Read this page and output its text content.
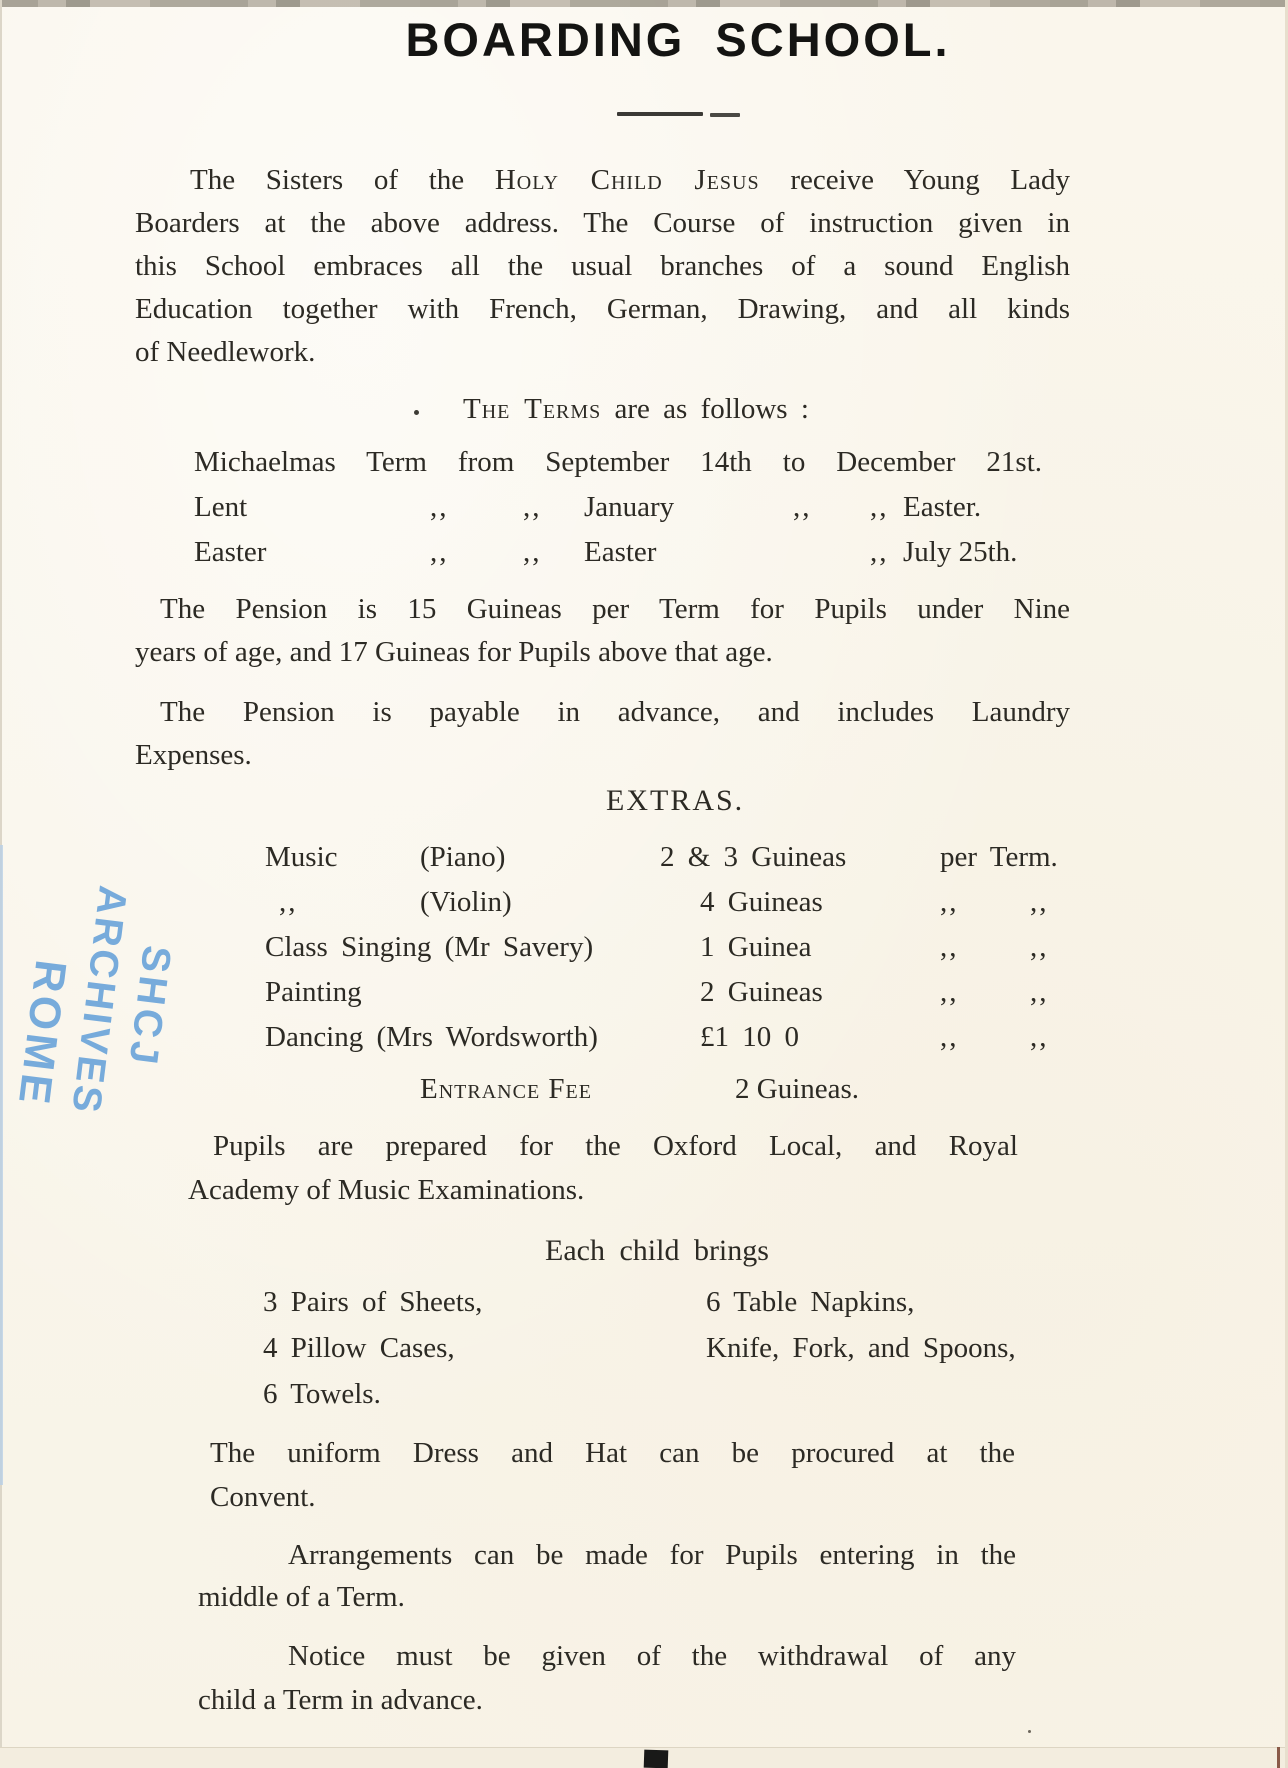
BOARDING SCHOOL.
The Sisters of the Holy Child Jesus receive Young Lady
Boarders at the above address. The Course of instruction given in
this School embraces all the usual branches of a sound English
Education together with French, German, Drawing, and all kinds
of Needlework.
The Terms are as follows :
Michaelmas Term from September 14th to December 21st.
Lent	,,	,,	January	,,	,, Easter.
Easter	,,	,,	Easter	,, July 25th.
The Pension is 15 Guineas per Term for Pupils under Nine
years of age, and 17 Guineas for Pupils above that age.
The Pension is payable in advance, and includes Laundry
Expenses.
EXTRAS.
Music	(Piano)	2 & 3 Guineas	per Term.
,,	(Violin)	4 Guineas	,,	,,
Class Singing (Mr Savery)	1 Guinea	,,	,,
Painting	2 Guineas	,,	,,
Dancing (Mrs Wordsworth)	£1 10 0	,,	,,
Entrance Fee	2 Guineas.
Pupils are prepared for the Oxford Local, and Royal
Academy of Music Examinations.
Each child brings
3 Pairs of Sheets,	6 Table Napkins,
4 Pillow Cases,	Knife, Fork, and Spoons,
6 Towels.
The uniform Dress and Hat can be procured at the
Convent.
Arrangements can be made for Pupils entering in the
middle of a Term.
Notice must be given of the withdrawal of any
child a Term in advance.
SHCJ
ARCHIVES
ROME
